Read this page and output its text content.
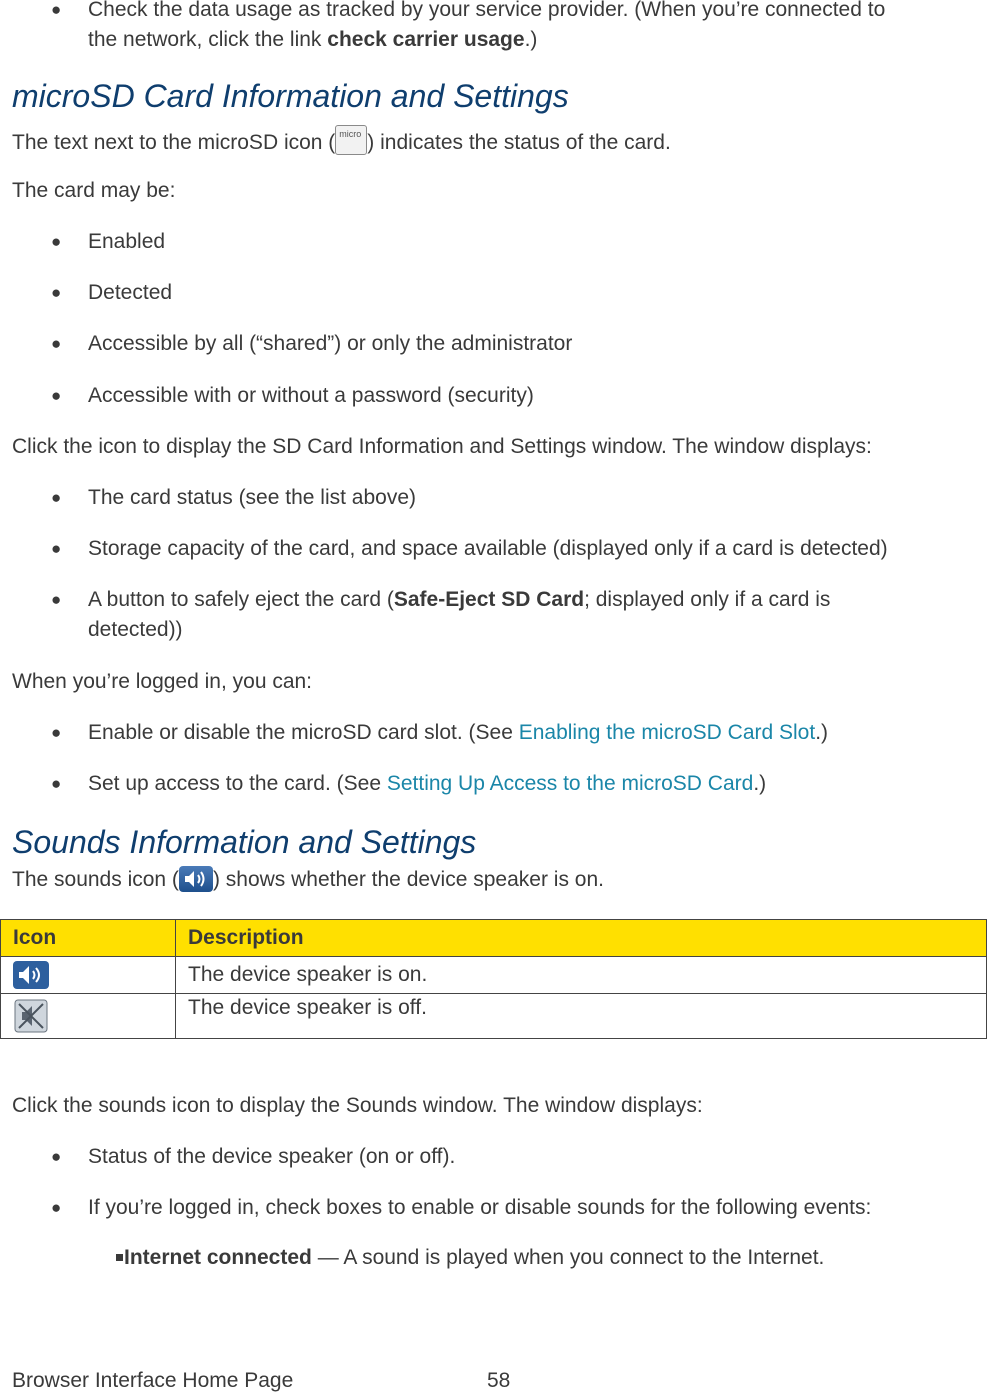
● Check the data usage as tracked by your service provider. (When you’re connected to
the network, click the link check carrier usage.)
microSD Card Information and Settings
The text next to the microSD icon ( micro ) indicates the status of the card.
The card may be:
● Enabled
● Detected
● Accessible by all (“shared”) or only the administrator
● Accessible with or without a password (security)
Click the icon to display the SD Card Information and Settings window. The window displays:
● The card status (see the list above)
● Storage capacity of the card, and space available (displayed only if a card is detected)
● A button to safely eject the card (Safe-Eject SD Card; displayed only if a card is
detected))
When you’re logged in, you can:
● Enable or disable the microSD card slot. (See Enabling the microSD Card Slot.)
● Set up access to the card. (See Setting Up Access to the microSD Card.)
Sounds Information and Settings
The sounds icon ( ) shows whether the device speaker is on.
Icon	Description
	The device speaker is on.
	The device speaker is off.
Click the sounds icon to display the Sounds window. The window displays:
● Status of the device speaker (on or off).
● If you’re logged in, check boxes to enable or disable sounds for the following events:
Internet connected — A sound is played when you connect to the Internet.
Browser Interface Home Page	58
